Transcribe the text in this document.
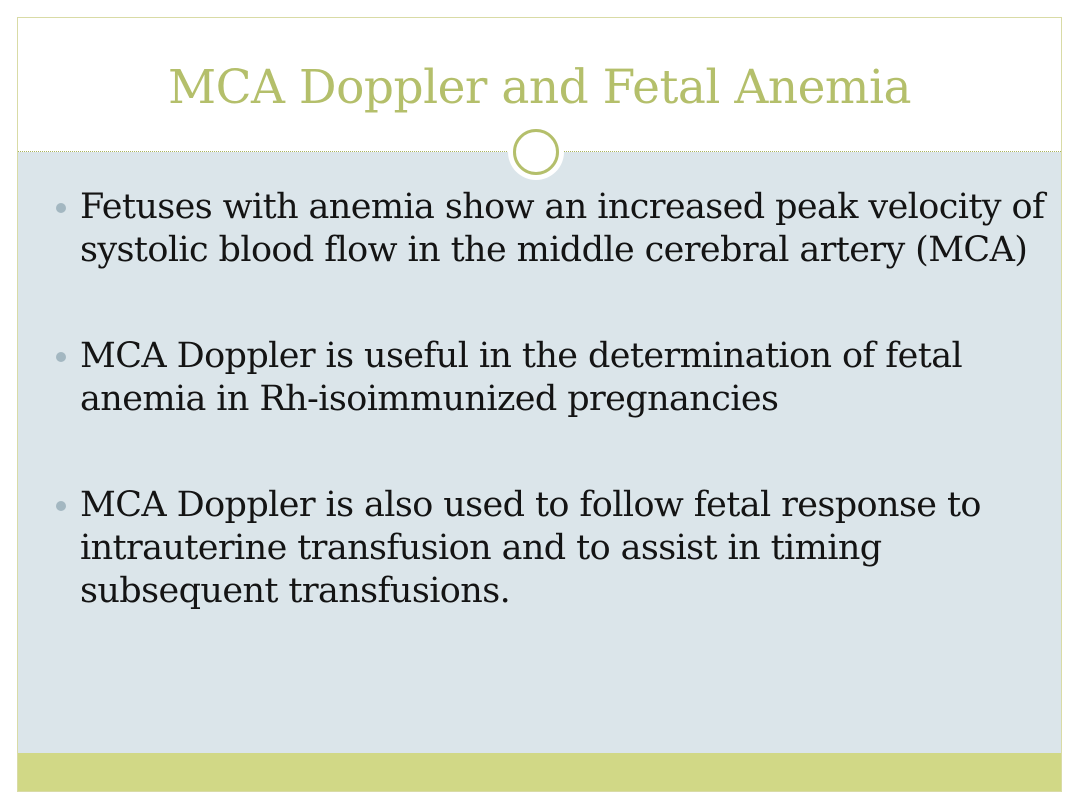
MCA Doppler and Fetal Anemia
Fetuses with anemia show an increased peak velocity of systolic blood flow in the middle cerebral artery (MCA)
MCA Doppler is useful in the determination of fetal anemia in Rh-isoimmunized pregnancies
MCA Doppler is also used to follow fetal response to intrauterine transfusion and to assist in timing subsequent transfusions.
